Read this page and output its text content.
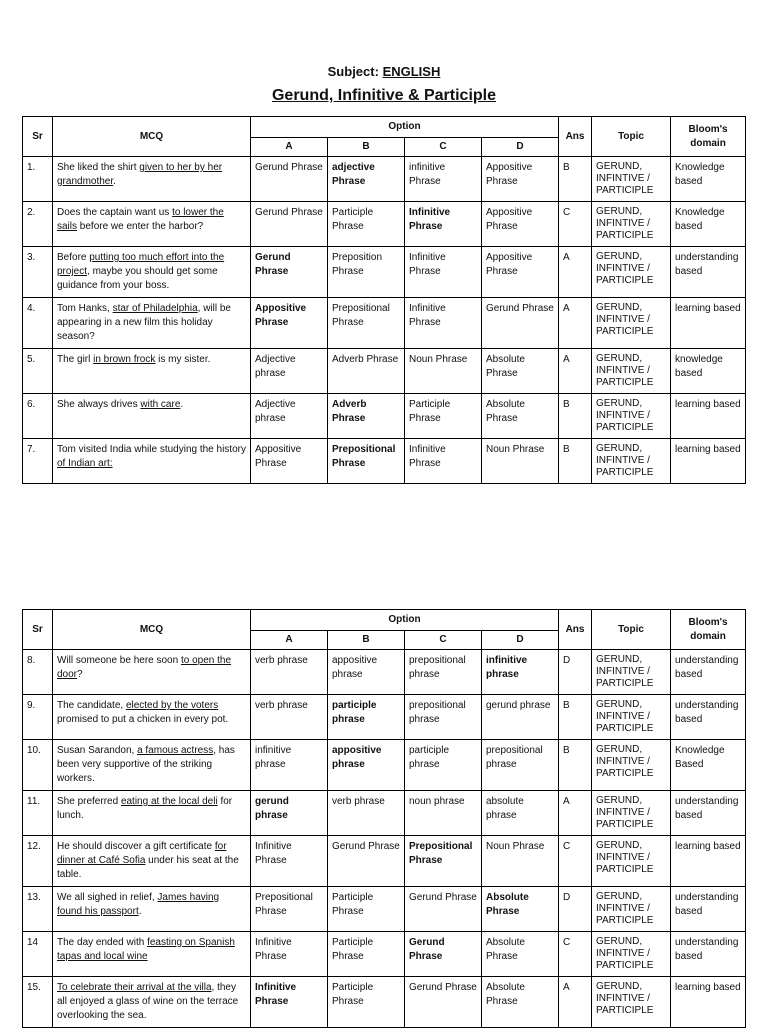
Subject: ENGLISH
Gerund, Infinitive & Participle
Sr	MCQ	Option				Ans	Topic	Bloom's domain
		A	B	C	D			
1.	She liked the shirt given to her by her grandmother.	Gerund Phrase	adjective Phrase	infinitive Phrase	Appositive Phrase	B	GERUND, INFINTIVE / PARTICIPLE	Knowledge based
2.	Does the captain want us to lower the sails before we enter the harbor?	Gerund Phrase	Participle Phrase	Infinitive Phrase	Appositive Phrase	C	GERUND, INFINTIVE / PARTICIPLE	Knowledge based
3.	Before putting too much effort into the project, maybe you should get some guidance from your boss.	Gerund Phrase	Preposition Phrase	Infinitive Phrase	Appositive Phrase	A	GERUND, INFINTIVE / PARTICIPLE	understanding based
4.	Tom Hanks, star of Philadelphia, will be appearing in a new film this holiday season?	Appositive Phrase	Prepositional Phrase	Infinitive Phrase	Gerund Phrase	A	GERUND, INFINTIVE / PARTICIPLE	learning based
5.	The girl in brown frock is my sister.	Adjective phrase	Adverb Phrase	Noun Phrase	Absolute Phrase	A	GERUND, INFINTIVE / PARTICIPLE	knowledge based
6.	She always drives with care.	Adjective phrase	Adverb Phrase	Participle Phrase	Absolute Phrase	B	GERUND, INFINTIVE / PARTICIPLE	learning based
7.	Tom visited India while studying the history of Indian art:	Appositive Phrase	Prepositional Phrase	Infinitive Phrase	Noun Phrase	B	GERUND, INFINTIVE / PARTICIPLE	learning based
Sr	MCQ	Option				Ans	Topic	Bloom's domain
		A	B	C	D			
8.	Will someone be here soon to open the door?	verb phrase	appositive phrase	prepositional phrase	infinitive phrase	D	GERUND, INFINTIVE / PARTICIPLE	understanding based
9.	The candidate, elected by the voters promised to put a chicken in every pot.	verb phrase	participle phrase	prepositional phrase	gerund phrase	B	GERUND, INFINTIVE / PARTICIPLE	understanding based
10.	Susan Sarandon, a famous actress, has been very supportive of the striking workers.	infinitive phrase	appositive phrase	participle phrase	prepositional phrase	B	GERUND, INFINTIVE / PARTICIPLE	Knowledge Based
11.	She preferred eating at the local deli for lunch.	gerund phrase	verb phrase	noun phrase	absolute phrase	A	GERUND, INFINTIVE / PARTICIPLE	understanding based
12.	He should discover a gift certificate for dinner at Café Sofia under his seat at the table.	Infinitive Phrase	Gerund Phrase	Prepositional Phrase	Noun Phrase	C	GERUND, INFINTIVE / PARTICIPLE	learning based
13.	We all sighed in relief, James having found his passport.	Prepositional Phrase	Participle Phrase	Gerund Phrase	Absolute Phrase	D	GERUND, INFINTIVE / PARTICIPLE	understanding based
14	The day ended with feasting on Spanish tapas and local wine	Infinitive Phrase	Participle Phrase	Gerund Phrase	Absolute Phrase	C	GERUND, INFINTIVE / PARTICIPLE	understanding based
15.	To celebrate their arrival at the villa, they all enjoyed a glass of wine on the terrace overlooking the sea.	Infinitive Phrase	Participle Phrase	Gerund Phrase	Absolute Phrase	A	GERUND, INFINTIVE / PARTICIPLE	learning based
